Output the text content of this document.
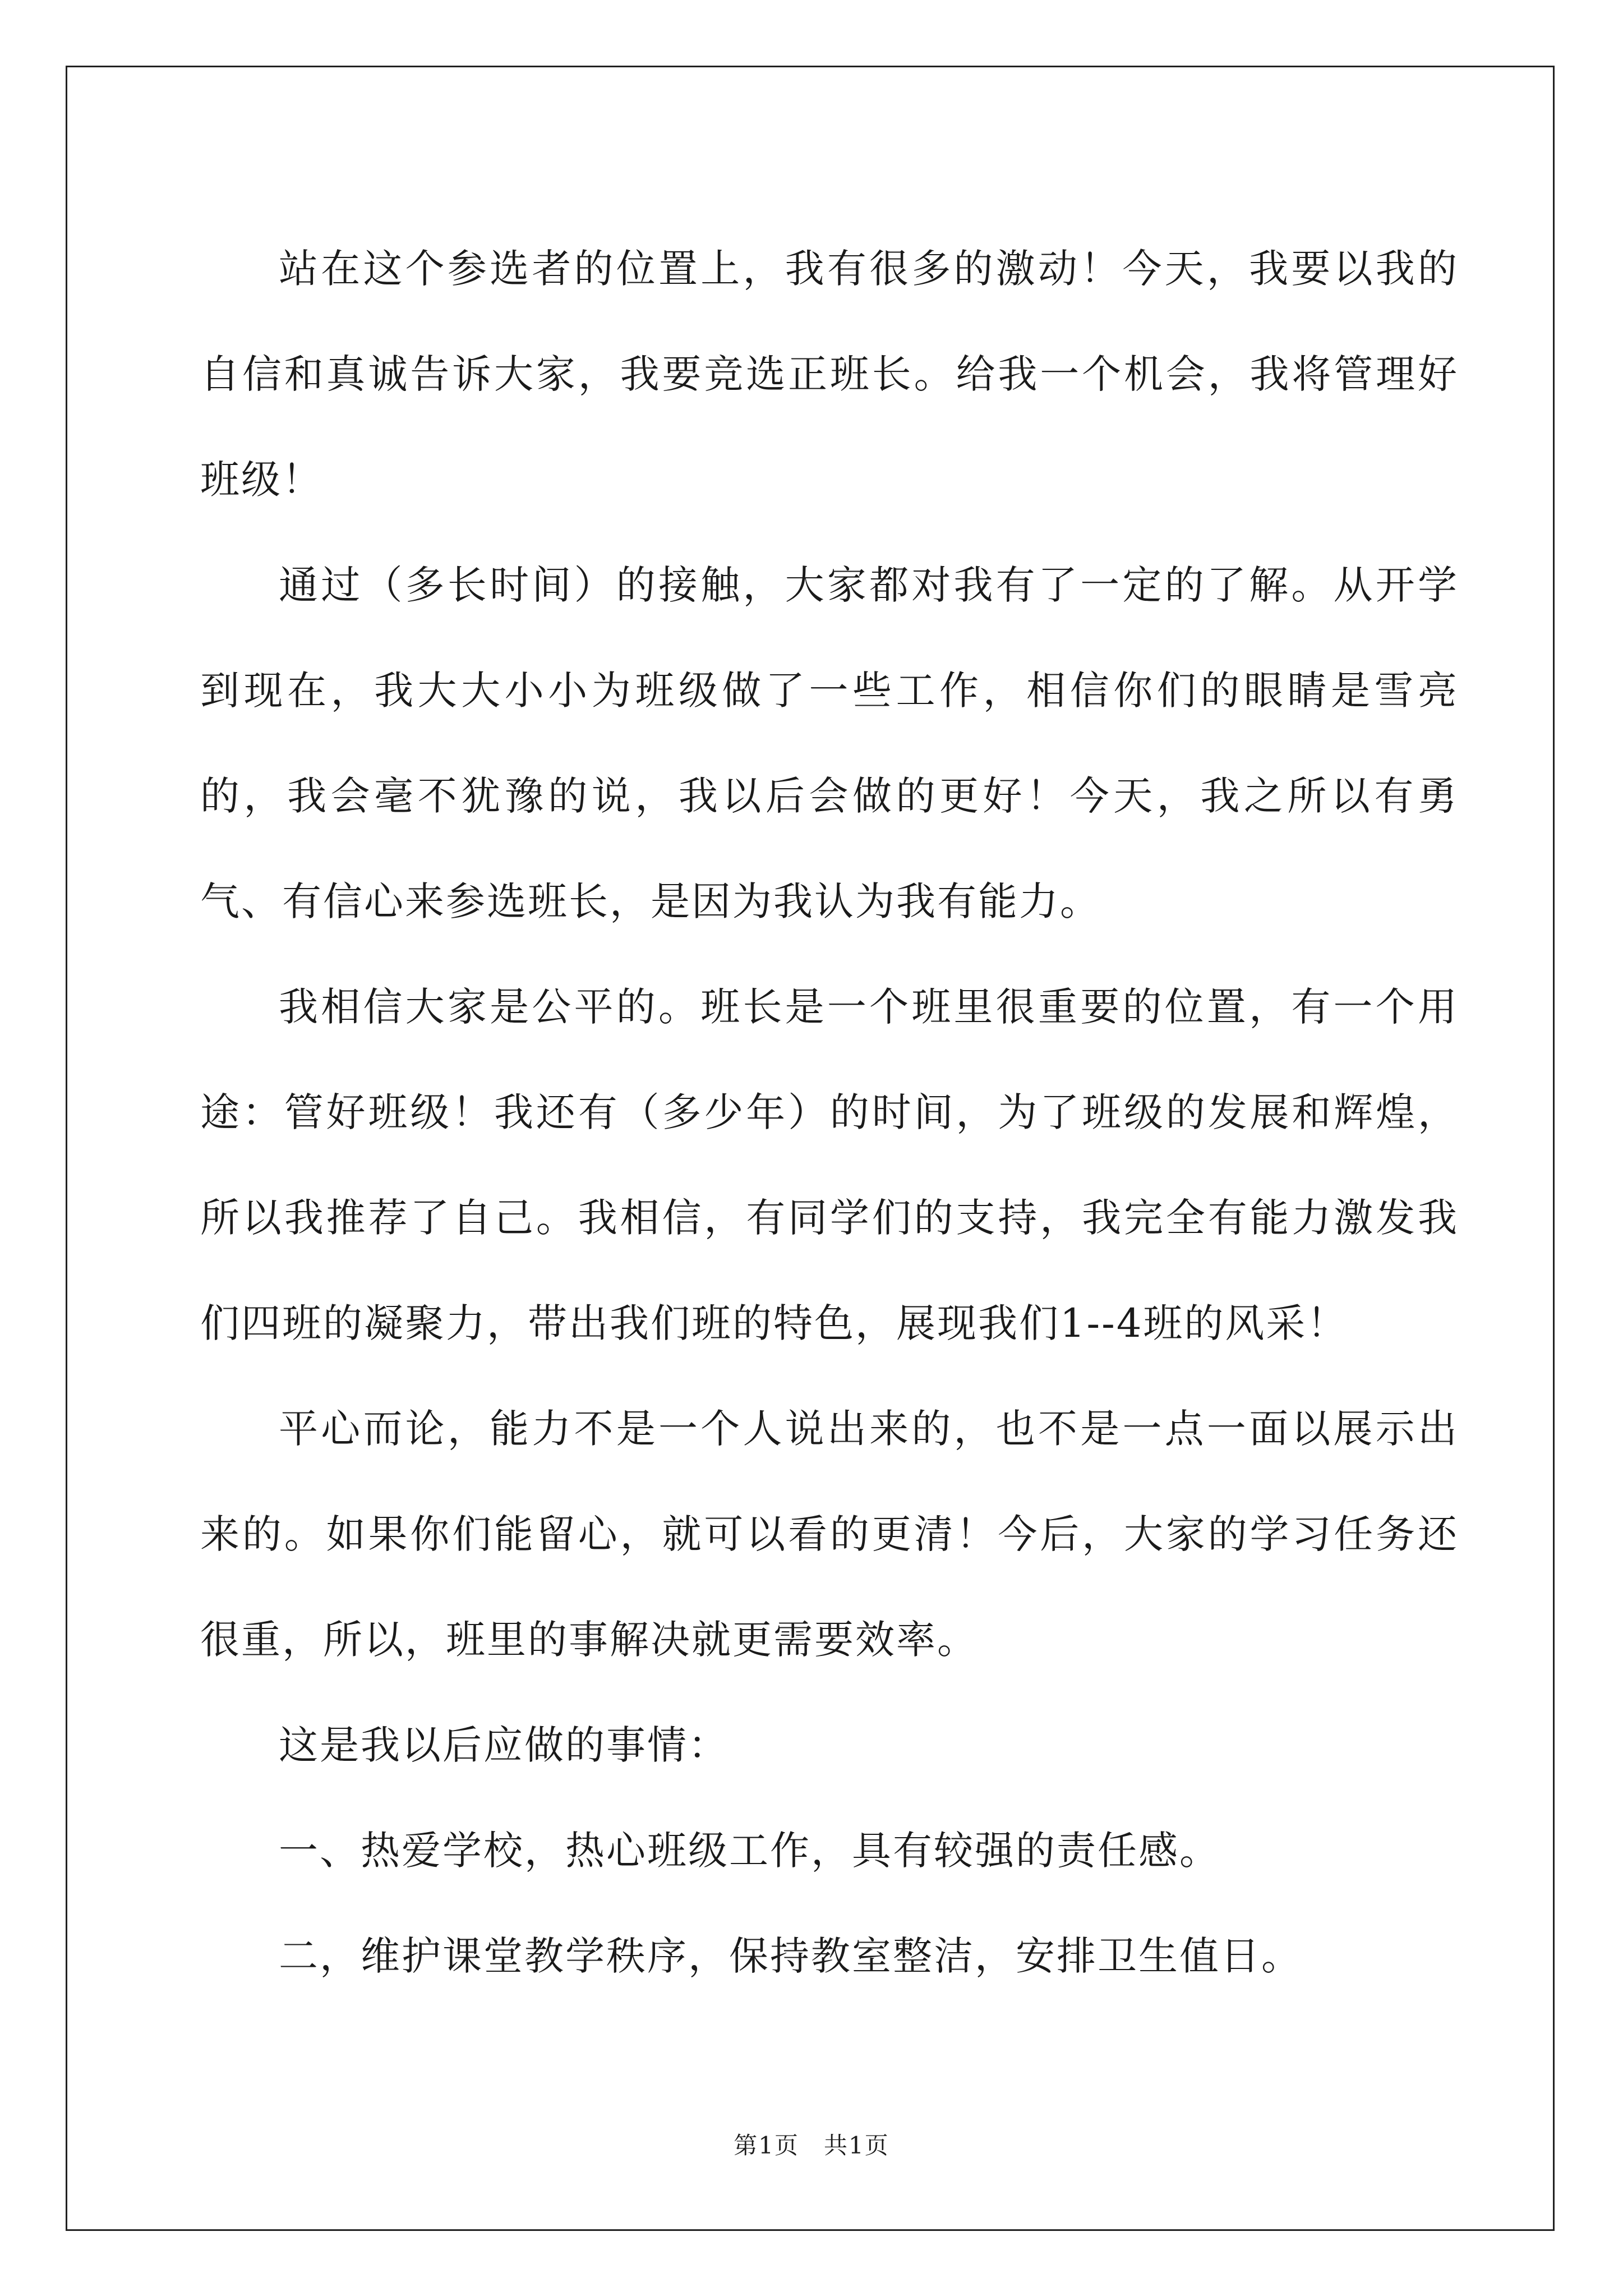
站在这个参选者的位置上，我有很多的激动！今天，我要以我的自信和真诚告诉大家，我要竞选正班长。给我一个机会，我将管理好班级！

通过（多长时间）的接触，大家都对我有了一定的了解。从开学到现在，我大大小小为班级做了一些工作，相信你们的眼睛是雪亮的，我会毫不犹豫的说，我以后会做的更好！今天，我之所以有勇气、有信心来参选班长，是因为我认为我有能力。

我相信大家是公平的。班长是一个班里很重要的位置，有一个用途：管好班级！我还有（多少年）的时间，为了班级的发展和辉煌，所以我推荐了自己。我相信，有同学们的支持，我完全有能力激发我们四班的凝聚力，带出我们班的特色，展现我们1--4班的风采！

平心而论，能力不是一个人说出来的，也不是一点一面以展示出来的。如果你们能留心，就可以看的更清！今后，大家的学习任务还很重，所以，班里的事解决就更需要效率。

这是我以后应做的事情：

一、热爱学校，热心班级工作，具有较强的责任感。

二，维护课堂教学秩序，保持教室整洁，安排卫生值日。

第1页　共1页
